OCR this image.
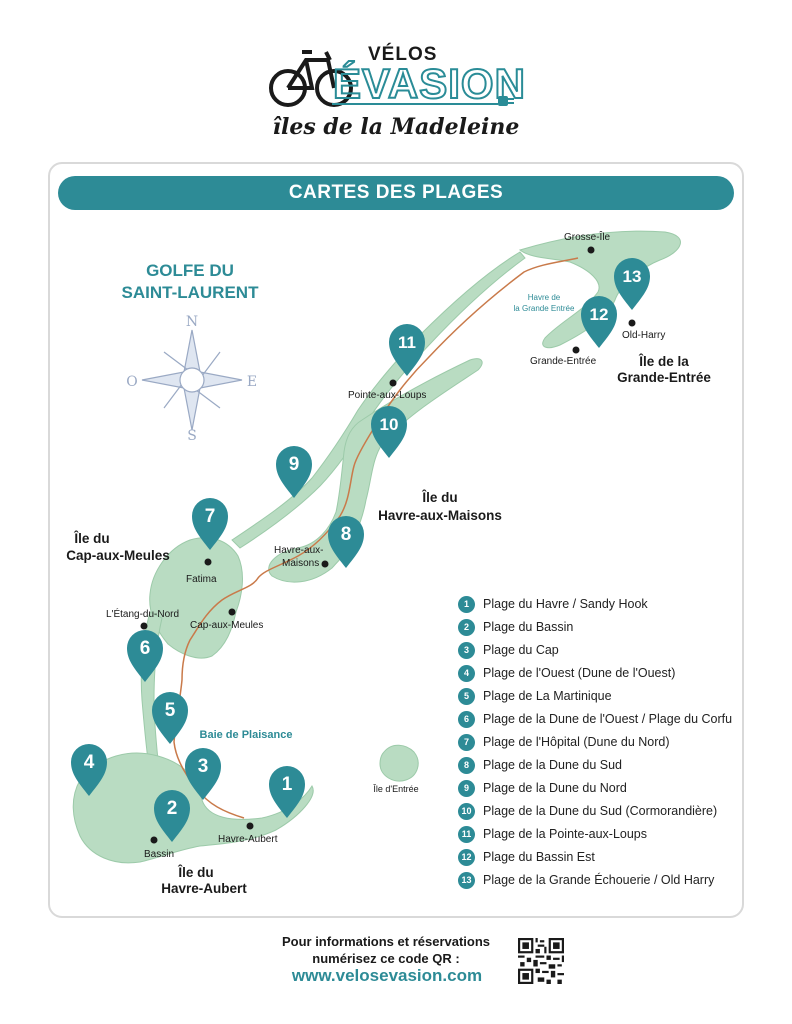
VÉLOS
ÉVASION
îles de la Madeleine
CARTES DES PLAGES
N
S
E
O
GOLFE DU
SAINT-LAURENT
Île de la
Grande-Entrée
Île du
Havre-aux-Maisons
Île du
Cap-aux-Meules
Île du
Havre-Aubert
Île d'Entrée
Baie de Plaisance
Havre de
la Grande Entrée
Grosse-Île
Old-Harry
Grande-Entrée
Pointe-aux-Loups
Havre-aux-
Maisons
Fatima
L'Étang-du-Nord
Cap-aux-Meules
Bassin
Havre-Aubert
1
2
3
4
5
6
7
8
9
10
11
12
13
1	Plage du Havre / Sandy Hook
2	Plage du Bassin
3	Plage du Cap
4	Plage de l'Ouest (Dune de l'Ouest)
5	Plage de La Martinique
6	Plage de la Dune de l'Ouest / Plage du Corfu
7	Plage de l'Hôpital (Dune du Nord)
8	Plage de la Dune du Sud
9	Plage de la Dune du Nord
10 Plage de la Dune du Sud (Cormorandière)
11 Plage de la Pointe-aux-Loups
12 Plage du Bassin Est
13 Plage de la Grande Échouerie / Old Harry
Pour informations et réservations
numérisez ce code QR :
www.velosevasion.com
